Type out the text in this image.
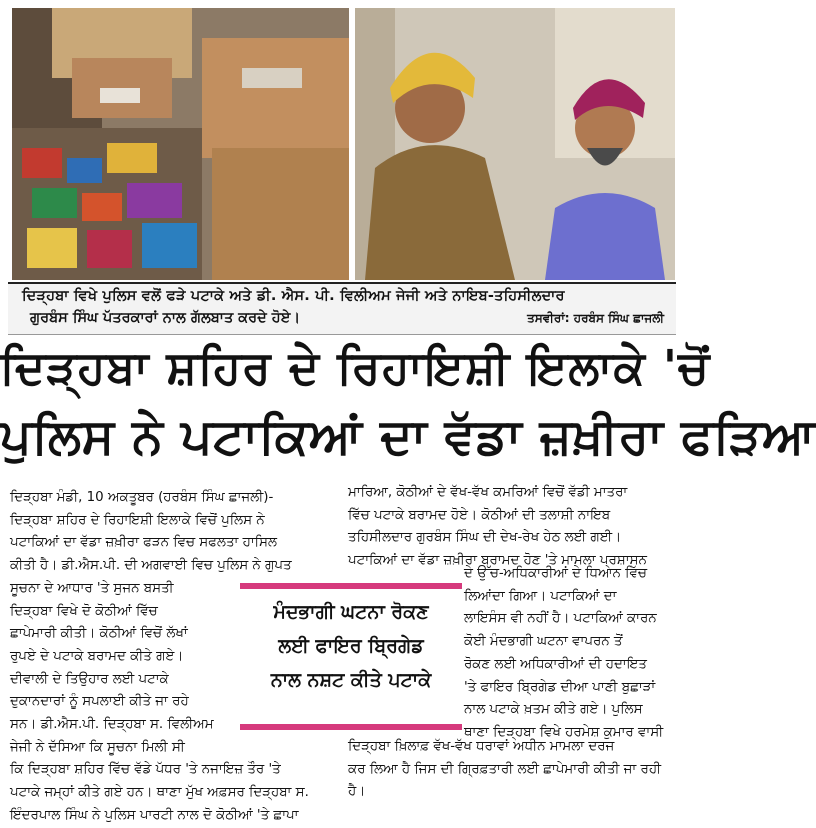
ਦਿੜ੍ਹਬਾ ਵਿਖੇ ਪੁਲਿਸ ਵਲੋਂ ਫੜੇ ਪਟਾਕੇ ਅਤੇ ਡੀ. ਐਸ. ਪੀ. ਵਿਲੀਅਮ ਜੇਜੀ ਅਤੇ ਨਾਇਬ-ਤਹਿਸੀਲਦਾਰ
ਗੁਰਬੰਸ ਸਿੰਘ ਪੱਤਰਕਾਰਾਂ ਨਾਲ ਗੱਲਬਾਤ ਕਰਦੇ ਹੋਏ।	ਤਸਵੀਰਾਂ: ਹਰਬੰਸ ਸਿੰਘ ਛਾਜਲੀ
ਦਿੜ੍ਹਬਾ ਸ਼ਹਿਰ ਦੇ ਰਿਹਾਇਸ਼ੀ ਇਲਾਕੇ 'ਚੋਂ
ਪੁਲਿਸ ਨੇ ਪਟਾਕਿਆਂ ਦਾ ਵੱਡਾ ਜ਼ਖ਼ੀਰਾ ਫੜਿਆ
ਦਿੜ੍ਹਬਾ ਮੰਡੀ, 10 ਅਕਤੂਬਰ (ਹਰਬੰਸ ਸਿੰਘ ਛਾਜਲੀ)-
ਦਿੜ੍ਹਬਾ ਸ਼ਹਿਰ ਦੇ ਰਿਹਾਇਸ਼ੀ ਇਲਾਕੇ ਵਿਚੋਂ ਪੁਲਿਸ ਨੇ
ਪਟਾਕਿਆਂ ਦਾ ਵੱਡਾ ਜ਼ਖ਼ੀਰਾ ਫੜਨ ਵਿਚ ਸਫਲਤਾ ਹਾਸਿਲ
ਕੀਤੀ ਹੈ। ਡੀ.ਐਸ.ਪੀ. ਦੀ ਅਗਵਾਈ ਵਿਚ ਪੁਲਿਸ ਨੇ ਗੁਪਤ
ਸੂਚਨਾ ਦੇ ਆਧਾਰ 'ਤੇ ਸੁਜਨ ਬਸਤੀ
ਦਿੜ੍ਹਬਾ ਵਿਖੇ ਦੋ ਕੋਠੀਆਂ ਵਿੱਚ
ਛਾਪੇਮਾਰੀ ਕੀਤੀ। ਕੋਠੀਆਂ ਵਿਚੋਂ ਲੱਖਾਂ
ਰੁਪਏ ਦੇ ਪਟਾਕੇ ਬਰਾਮਦ ਕੀਤੇ ਗਏ।
ਦੀਵਾਲੀ ਦੇ ਤਿਉਹਾਰ ਲਈ ਪਟਾਕੇ
ਦੁਕਾਨਦਾਰਾਂ ਨੂੰ ਸਪਲਾਈ ਕੀਤੇ ਜਾ ਰਹੇ
ਸਨ। ਡੀ.ਐਸ.ਪੀ. ਦਿੜ੍ਹਬਾ ਸ. ਵਿਲੀਅਮ
ਜੇਜੀ ਨੇ ਦੱਸਿਆ ਕਿ ਸੂਚਨਾ ਮਿਲੀ ਸੀ
ਕਿ ਦਿੜ੍ਹਬਾ ਸ਼ਹਿਰ ਵਿੱਚ ਵੱਡੇ ਪੱਧਰ 'ਤੇ ਨਜਾਇਜ਼ ਤੌਰ 'ਤੇ
ਪਟਾਕੇ ਜਮ੍ਹਾਂ ਕੀਤੇ ਗਏ ਹਨ। ਥਾਣਾ ਮੁੱਖ ਅਫ਼ਸਰ ਦਿੜ੍ਹਬਾ ਸ.
ਇੰਦਰਪਾਲ ਸਿੰਘ ਨੇ ਪੁਲਿਸ ਪਾਰਟੀ ਨਾਲ ਦੋ ਕੋਠੀਆਂ 'ਤੇ ਛਾਪਾ
ਮਾਰਿਆ, ਕੋਠੀਆਂ ਦੇ ਵੱਖ-ਵੱਖ ਕਮਰਿਆਂ ਵਿਚੋਂ ਵੱਡੀ ਮਾਤਰਾ
ਵਿੱਚ ਪਟਾਕੇ ਬਰਾਮਦ ਹੋਏ। ਕੋਠੀਆਂ ਦੀ ਤਲਾਸ਼ੀ ਨਾਇਬ
ਤਹਿਸੀਲਦਾਰ ਗੁਰਬੰਸ ਸਿੰਘ ਦੀ ਦੇਖ-ਰੇਖ ਹੇਠ ਲਈ ਗਈ।
ਪਟਾਕਿਆਂ ਦਾ ਵੱਡਾ ਜ਼ਖ਼ੀਰਾ ਬਰਾਮਦ ਹੋਣ 'ਤੇ ਮਾਮਲਾ ਪ੍ਰਸ਼ਾਸਨ
ਦੇ ਉੱਚ-ਅਧਿਕਾਰੀਆਂ ਦੇ ਧਿਆਨ ਵਿੱਚ
ਲਿਆਂਦਾ ਗਿਆ। ਪਟਾਕਿਆਂ ਦਾ
ਲਾਇਸੰਸ ਵੀ ਨਹੀਂ ਹੈ। ਪਟਾਕਿਆਂ ਕਾਰਨ
ਕੋਈ ਮੰਦਭਾਗੀ ਘਟਨਾ ਵਾਪਰਨ ਤੋਂ
ਰੋਕਣ ਲਈ ਅਧਿਕਾਰੀਆਂ ਦੀ ਹਦਾਇਤ
'ਤੇ ਫਾਇਰ ਬ੍ਰਿਗੇਡ ਦੀਆ ਪਾਣੀ ਬੁਛਾੜਾਂ
ਨਾਲ ਪਟਾਕੇ ਖ਼ਤਮ ਕੀਤੇ ਗਏ। ਪੁਲਿਸ
ਥਾਣਾ ਦਿੜ੍ਹਬਾ ਵਿਖੇ ਹਰਮੇਸ਼ ਕੁਮਾਰ ਵਾਸੀ
ਦਿੜ੍ਹਬਾ ਖ਼ਿਲਾਫ਼ ਵੱਖ-ਵੱਖ ਧਰਾਵਾਂ ਅਧੀਨ ਮਾਮਲਾ ਦਰਜ
ਕਰ ਲਿਆ ਹੈ ਜਿਸ ਦੀ ਗ੍ਰਿਫ਼ਤਾਰੀ ਲਈ ਛਾਪੇਮਾਰੀ ਕੀਤੀ ਜਾ ਰਹੀ
ਹੈ।
ਮੰਦਭਾਗੀ ਘਟਨਾ ਰੋਕਣ
ਲਈ ਫਾਇਰ ਬ੍ਰਿਗੇਡ
ਨਾਲ ਨਸ਼ਟ ਕੀਤੇ ਪਟਾਕੇ
